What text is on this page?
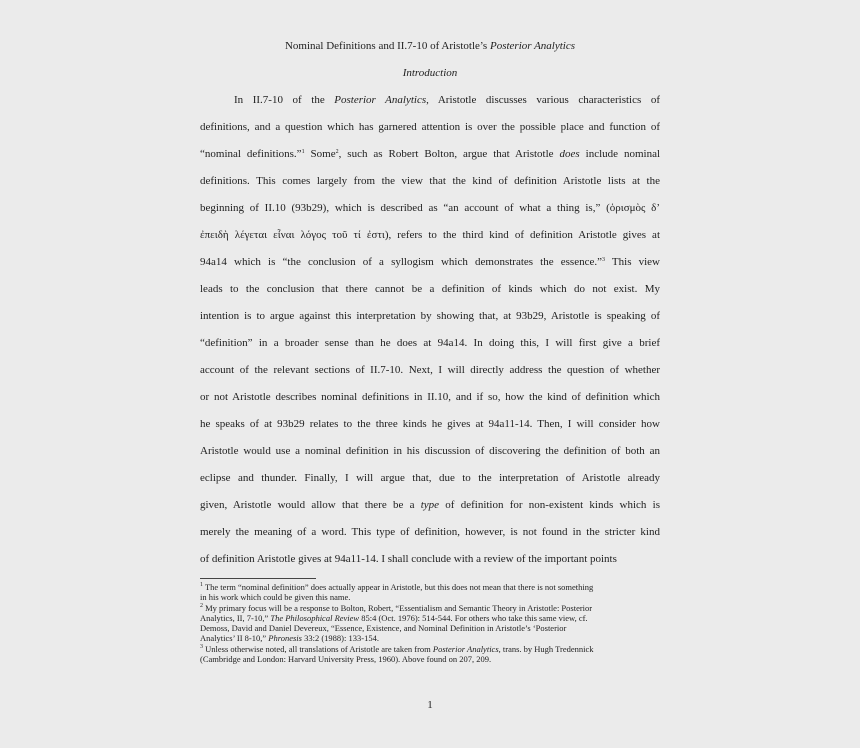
Nominal Definitions and II.7-10 of Aristotle’s Posterior Analytics
Introduction
In II.7-10 of the Posterior Analytics, Aristotle discusses various characteristics of
definitions, and a question which has garnered attention is over the possible place and function of
“nominal definitions.”$^1$ Some$^2$, such as Robert Bolton, argue that Aristotle does include nominal
definitions. This comes largely from the view that the kind of definition Aristotle lists at the
beginning of II.10 (93b29), which is described as “an account of what a thing is,” (ὁρισμὸς δ’
ἐπειδὴ λέγεται εἶναι λόγος τοῦ τί ἐστι), refers to the third kind of definition Aristotle gives at
94a14 which is “the conclusion of a syllogism which demonstrates the essence.”$^3$ This view
leads to the conclusion that there cannot be a definition of kinds which do not exist. My
intention is to argue against this interpretation by showing that, at 93b29, Aristotle is speaking of
“definition” in a broader sense than he does at 94a14. In doing this, I will first give a brief
account of the relevant sections of II.7-10. Next, I will directly address the question of whether
or not Aristotle describes nominal definitions in II.10, and if so, how the kind of definition which
he speaks of at 93b29 relates to the three kinds he gives at 94a11-14. Then, I will consider how
Aristotle would use a nominal definition in his discussion of discovering the definition of both an
eclipse and thunder. Finally, I will argue that, due to the interpretation of Aristotle already
given, Aristotle would allow that there be a type of definition for non-existent kinds which is
merely the meaning of a word. This type of definition, however, is not found in the stricter kind
of definition Aristotle gives at 94a11-14. I shall conclude with a review of the important points
$^1$ The term “nominal definition” does actually appear in Aristotle, but this does not mean that there is not something
in his work which could be given this name.
$^2$ My primary focus will be a response to Bolton, Robert, “Essentialism and Semantic Theory in Aristotle: Posterior
Analytics, II, 7-10,” The Philosophical Review 85:4 (Oct. 1976): 514-544. For others who take this same view, cf.
Demoss, David and Daniel Devereux, “Essence, Existence, and Nominal Definition in Aristotle’s ‘Posterior
Analytics’ II 8-10,” Phronesis 33:2 (1988): 133-154.
$^3$ Unless otherwise noted, all translations of Aristotle are taken from Posterior Analytics, trans. by Hugh Tredennick
(Cambridge and London: Harvard University Press, 1960). Above found on 207, 209.
1
